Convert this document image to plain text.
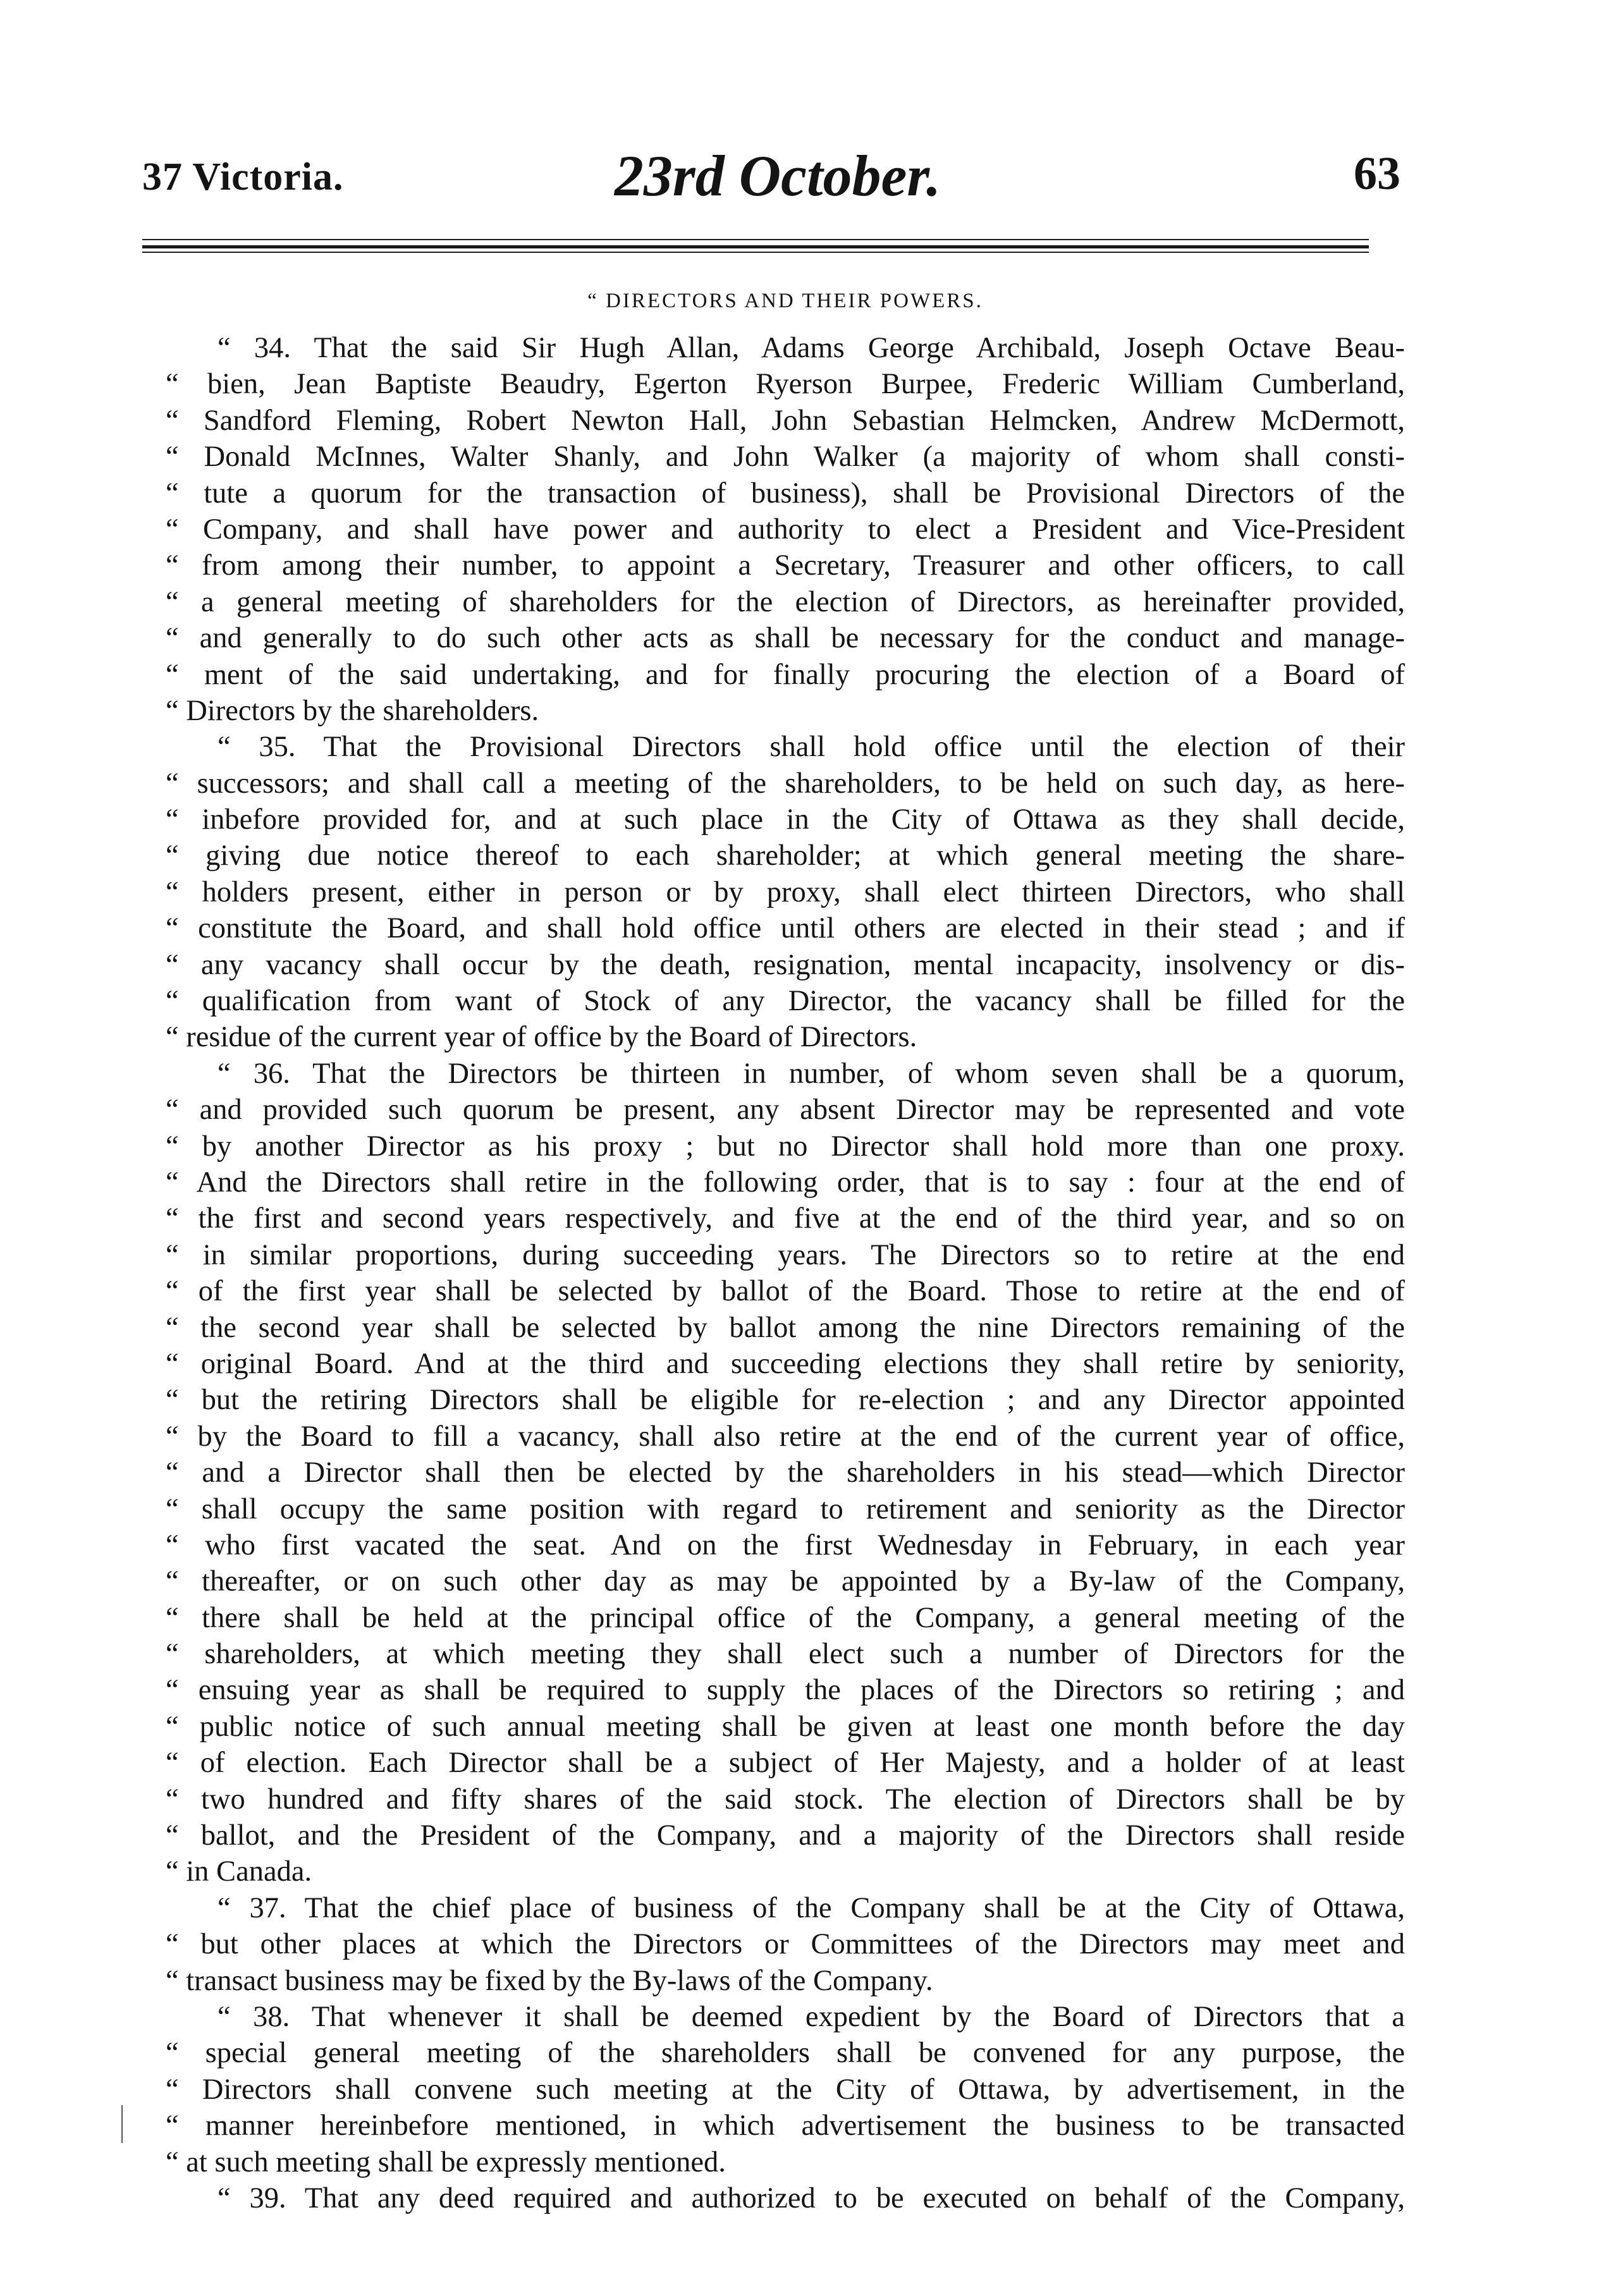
37 Victoria.	23rd October.	63
“ DIRECTORS AND THEIR POWERS.
“ 34. That the said Sir Hugh Allan, Adams George Archibald, Joseph Octave Beau-
“ bien, Jean Baptiste Beaudry, Egerton Ryerson Burpee, Frederic William Cumberland,
“ Sandford Fleming, Robert Newton Hall, John Sebastian Helmcken, Andrew McDermott,
“ Donald McInnes, Walter Shanly, and John Walker (a majority of whom shall consti-
“ tute a quorum for the transaction of business), shall be Provisional Directors of the
“ Company, and shall have power and authority to elect a President and Vice-President
“ from among their number, to appoint a Secretary, Treasurer and other officers, to call
“ a general meeting of shareholders for the election of Directors, as hereinafter provided,
“ and generally to do such other acts as shall be necessary for the conduct and manage-
“ ment of the said undertaking, and for finally procuring the election of a Board of
“ Directors by the shareholders.
“ 35. That the Provisional Directors shall hold office until the election of their
“ successors; and shall call a meeting of the shareholders, to be held on such day, as here-
“ inbefore provided for, and at such place in the City of Ottawa as they shall decide,
“ giving due notice thereof to each shareholder; at which general meeting the share-
“ holders present, either in person or by proxy, shall elect thirteen Directors, who shall
“ constitute the Board, and shall hold office until others are elected in their stead ; and if
“ any vacancy shall occur by the death, resignation, mental incapacity, insolvency or dis-
“ qualification from want of Stock of any Director, the vacancy shall be filled for the
“ residue of the current year of office by the Board of Directors.
“ 36. That the Directors be thirteen in number, of whom seven shall be a quorum,
“ and provided such quorum be present, any absent Director may be represented and vote
“ by another Director as his proxy ; but no Director shall hold more than one proxy.
“ And the Directors shall retire in the following order, that is to say : four at the end of
“ the first and second years respectively, and five at the end of the third year, and so on
“ in similar proportions, during succeeding years. The Directors so to retire at the end
“ of the first year shall be selected by ballot of the Board. Those to retire at the end of
“ the second year shall be selected by ballot among the nine Directors remaining of the
“ original Board. And at the third and succeeding elections they shall retire by seniority,
“ but the retiring Directors shall be eligible for re-election ; and any Director appointed
“ by the Board to fill a vacancy, shall also retire at the end of the current year of office,
“ and a Director shall then be elected by the shareholders in his stead—which Director
“ shall occupy the same position with regard to retirement and seniority as the Director
“ who first vacated the seat. And on the first Wednesday in February, in each year
“ thereafter, or on such other day as may be appointed by a By-law of the Company,
“ there shall be held at the principal office of the Company, a general meeting of the
“ shareholders, at which meeting they shall elect such a number of Directors for the
“ ensuing year as shall be required to supply the places of the Directors so retiring ; and
“ public notice of such annual meeting shall be given at least one month before the day
“ of election. Each Director shall be a subject of Her Majesty, and a holder of at least
“ two hundred and fifty shares of the said stock. The election of Directors shall be by
“ ballot, and the President of the Company, and a majority of the Directors shall reside
“ in Canada.
“ 37. That the chief place of business of the Company shall be at the City of Ottawa,
“ but other places at which the Directors or Committees of the Directors may meet and
“ transact business may be fixed by the By-laws of the Company.
“ 38. That whenever it shall be deemed expedient by the Board of Directors that a
“ special general meeting of the shareholders shall be convened for any purpose, the
“ Directors shall convene such meeting at the City of Ottawa, by advertisement, in the
“ manner hereinbefore mentioned, in which advertisement the business to be transacted
“ at such meeting shall be expressly mentioned.
“ 39. That any deed required and authorized to be executed on behalf of the Company,
